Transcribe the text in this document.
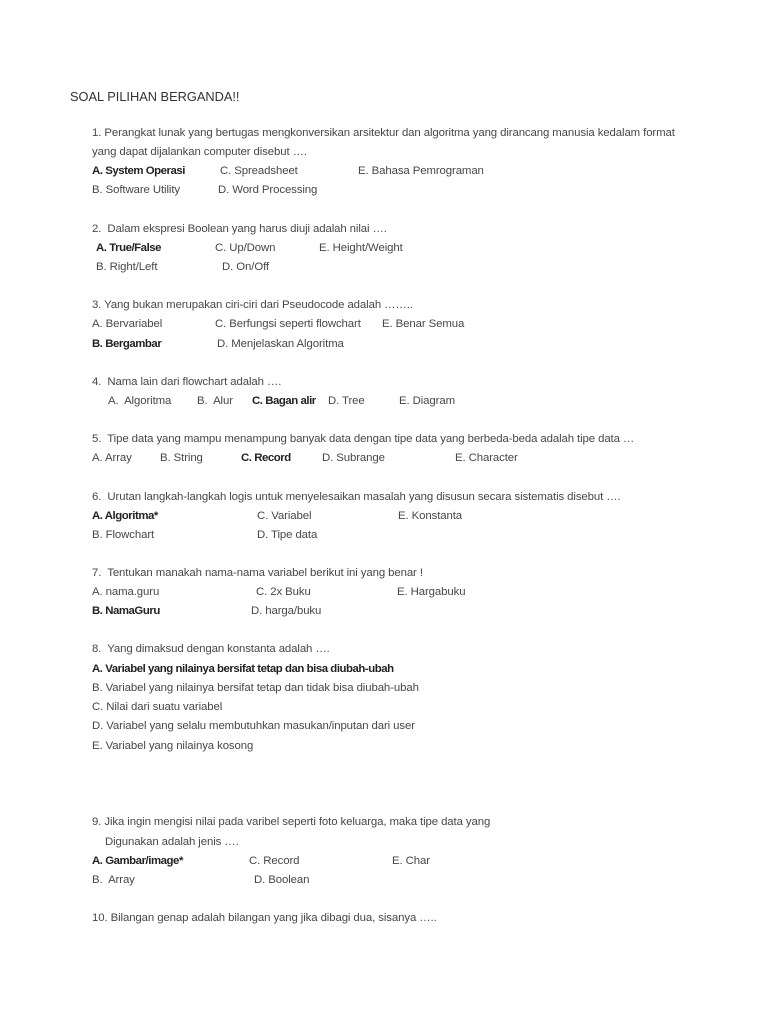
SOAL PILIHAN BERGANDA!!
1. Perangkat lunak yang bertugas mengkonversikan arsitektur dan algoritma yang dirancang manusia kedalam format
yang dapat dijalankan computer disebut ….
A. System Operasi	C. Spreadsheet	E. Bahasa Pemrograman
B. Software Utility	D. Word Processing
2.  Dalam ekspresi Boolean yang harus diuji adalah nilai ….
A. True/False	C. Up/Down	E. Height/Weight
B. Right/Left	D. On/Off
3. Yang bukan merupakan ciri-ciri dari Pseudocode adalah ……..
A. Bervariabel	C. Berfungsi seperti flowchart E. Benar Semua
B. Bergambar	D. Menjelaskan Algoritma
4.  Nama lain dari flowchart adalah ….
A.  Algoritma B.  Alur C. Bagan alir D. Tree	E. Diagram
5.  Tipe data yang mampu menampung banyak data dengan tipe data yang berbeda-beda adalah tipe data …
A. Array B. String	C. Record	D. Subrange	E. Character
6.  Urutan langkah-langkah logis untuk menyelesaikan masalah yang disusun secara sistematis disebut ….
A. Algoritma*	C. Variabel	E. Konstanta
B. Flowchart	D. Tipe data
7.  Tentukan manakah nama-nama variabel berikut ini yang benar !
A. nama.guru	C. 2x Buku	E. Hargabuku
B. NamaGuru	D. harga/buku
8.  Yang dimaksud dengan konstanta adalah ….
A. Variabel yang nilainya bersifat tetap dan bisa diubah-ubah
B. Variabel yang nilainya bersifat tetap dan tidak bisa diubah-ubah
C. Nilai dari suatu variabel
D. Variabel yang selalu membutuhkan masukan/inputan dari user
E. Variabel yang nilainya kosong
9. Jika ingin mengisi nilai pada varibel seperti foto keluarga, maka tipe data yang
Digunakan adalah jenis ….
A. Gambar/image*	C. Record	E. Char
B.  Array	D. Boolean
10. Bilangan genap adalah bilangan yang jika dibagi dua, sisanya …..
